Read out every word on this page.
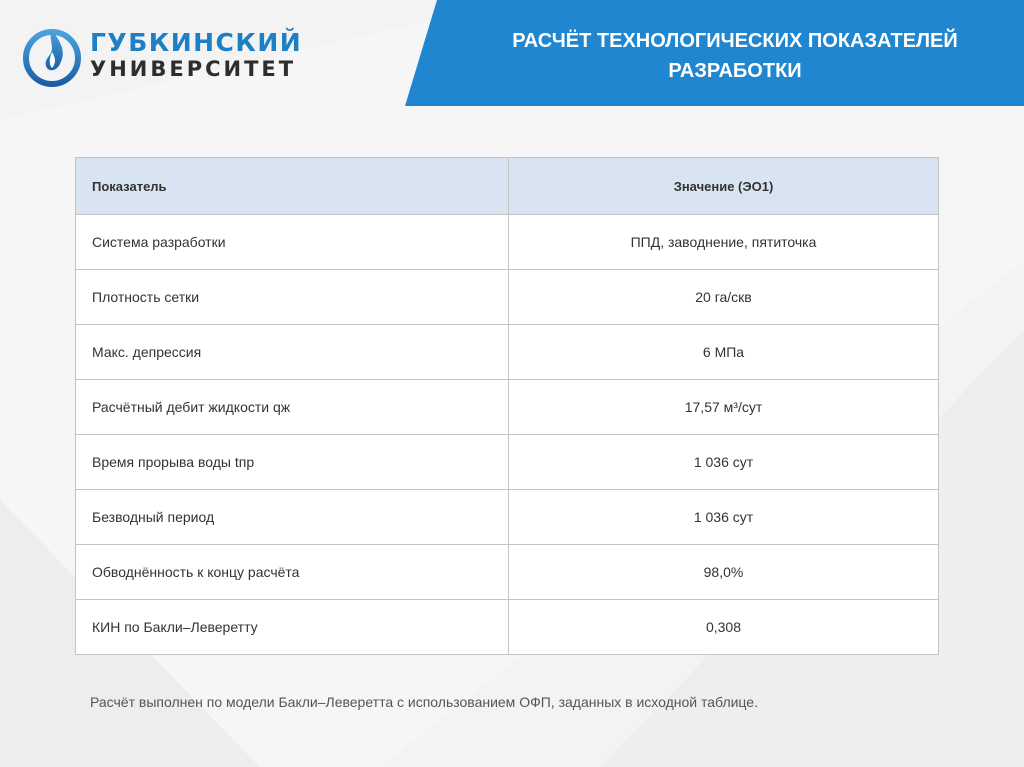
ГУБКИНСКИЙ
УНИВЕРСИТЕТ
РАСЧЁТ ТЕХНОЛОГИЧЕСКИХ ПОКАЗАТЕЛЕЙ
РАЗРАБОТКИ
Показатель	Значение (ЭО1)
Система разработки	ППД, заводнение, пятиточка
Плотность сетки	20 га/скв
Макс. депрессия	6 МПа
Расчётный дебит жидкости qж	17,57 м³/сут
Время прорыва воды tпр	1 036 сут
Безводный период	1 036 сут
Обводнённость к концу расчёта	98,0%
КИН по Бакли–Леверетту	0,308
Расчёт выполнен по модели Бакли–Леверетта с использованием ОФП, заданных в исходной таблице.
